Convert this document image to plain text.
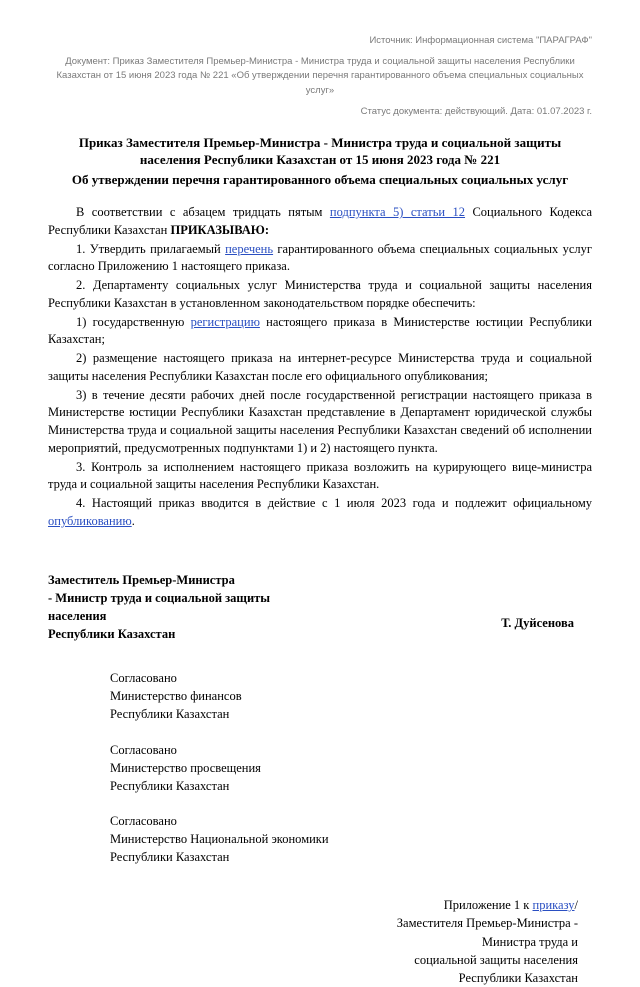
Источник: Информационная система "ПАРАГРАФ"
Документ: Приказ Заместителя Премьер-Министра - Министра труда и социальной защиты населения Республики Казахстан от 15 июня 2023 года № 221 «Об утверждении перечня гарантированного объема специальных социальных услуг»
Статус документа: действующий. Дата: 01.07.2023 г.
Приказ Заместителя Премьер-Министра - Министра труда и социальной защиты
населения Республики Казахстан от 15 июня 2023 года № 221
Об утверждении перечня гарантированного объема специальных социальных услуг

В соответствии с абзацем тридцать пятым подпункта 5) статьи 12 Социального Кодекса Республики Казахстан ПРИКАЗЫВАЮ:

1. Утвердить прилагаемый перечень гарантированного объема специальных социальных услуг согласно Приложению 1 настоящего приказа.

2. Департаменту социальных услуг Министерства труда и социальной защиты населения Республики Казахстан в установленном законодательством порядке обеспечить:

1) государственную регистрацию настоящего приказа в Министерстве юстиции Республики Казахстан;

2) размещение настоящего приказа на интернет-ресурсе Министерства труда и социальной защиты населения Республики Казахстан после его официального опубликования;

3) в течение десяти рабочих дней после государственной регистрации настоящего приказа в Министерстве юстиции Республики Казахстан представление в Департамент юридической службы Министерства труда и социальной защиты населения Республики Казахстан сведений об исполнении мероприятий, предусмотренных подпунктами 1) и 2) настоящего пункта.

3. Контроль за исполнением настоящего приказа возложить на курирующего вице-министра труда и социальной защиты населения Республики Казахстан.

4. Настоящий приказ вводится в действие с 1 июля 2023 года и подлежит официальному опубликованию.

Заместитель Премьер-Министра
- Министр труда и социальной защиты
населения
Республики Казахстан
Т. Дуйсенова
Согласовано
Министерство финансов
Республики Казахстан
Согласовано
Министерство просвещения
Республики Казахстан
Согласовано
Министерство Национальной экономики
Республики Казахстан
Приложение 1 к приказу/
Заместителя Премьер-Министра -
Министра труда и
социальной защиты населения
Республики Казахстан
